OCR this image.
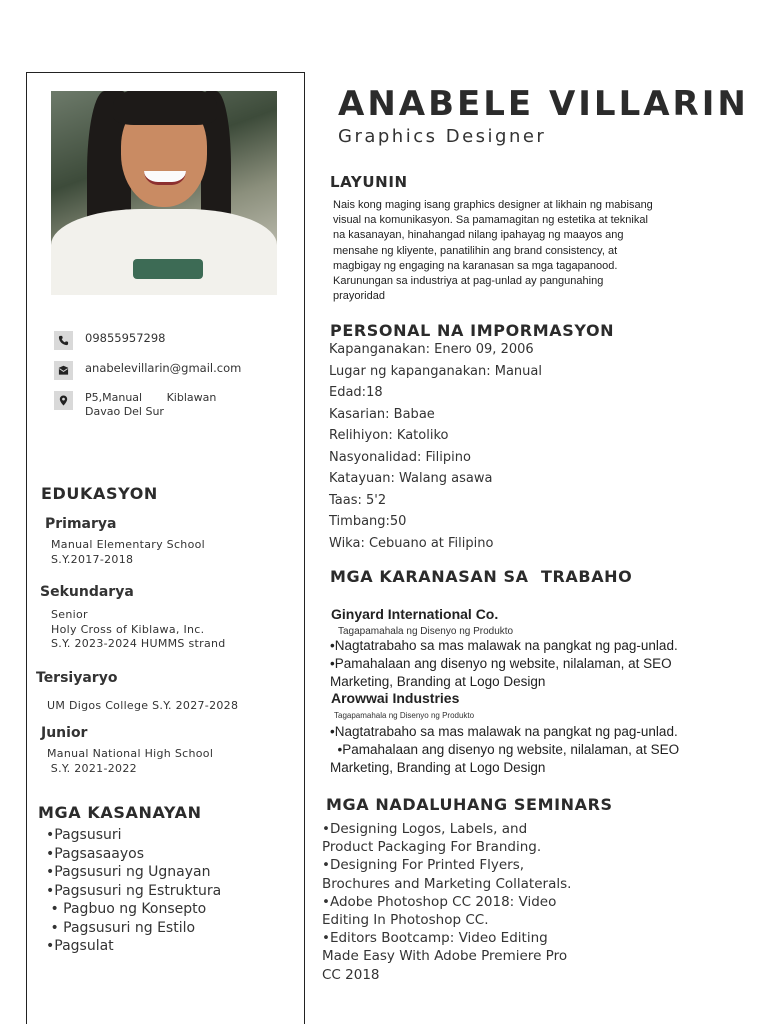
09855957298
anabelevillarin@gmail.com
P5,Manual       Kiblawan
Davao Del Sur
EDUKASYON
Primarya
Manual Elementary School
S.Y.2017-2018
Sekundarya
Senior
Holy Cross of Kiblawa, Inc.
S.Y. 2023-2024 HUMMS strand
Tersiyaryo
UM Digos College S.Y. 2027-2028
Junior
Manual National High School
S.Y. 2021-2022
MGA KASANAYAN
•Pagsusuri
•Pagsasaayos
•Pagsusuri ng Ugnayan
•Pagsusuri ng Estruktura
• Pagbuo ng Konsepto
• Pagsusuri ng Estilo
•Pagsulat
ANABELE VILLARIN
Graphics Designer
LAYUNIN
Nais kong maging isang graphics designer at likhain ng mabisang visual na komunikasyon. Sa pamamagitan ng estetika at teknikal na kasanayan, hinahangad nilang ipahayag ng maayos ang mensahe ng kliyente, panatilihin ang brand consistency, at magbigay ng engaging na karanasan sa mga tagapanood. Karunungan sa industriya at pag-unlad ay pangunahing prayoridad
PERSONAL NA IMPORMASYON
Kapanganakan: Enero 09, 2006
Lugar ng kapanganakan: Manual
Edad:18
Kasarian: Babae
Relihiyon: Katoliko
Nasyonalidad: Filipino
Katayuan: Walang asawa
Taas: 5'2
Timbang:50
Wika: Cebuano at Filipino
MGA KARANASAN SA  TRABAHO
Ginyard International Co.
Tagapamahala ng Disenyo ng Produkto
•Nagtatrabaho sa mas malawak na pangkat ng pag-unlad.
•Pamahalaan ang disenyo ng website, nilalaman, at SEO
Marketing, Branding at Logo Design
Arowwai Industries
Tagapamahala ng Disenyo ng Produkto
•Nagtatrabaho sa mas malawak na pangkat ng pag-unlad.
•Pamahalaan ang disenyo ng website, nilalaman, at SEO
Marketing, Branding at Logo Design
MGA NADALUHANG SEMINARS
•Designing Logos, Labels, and
Product Packaging For Branding.
•Designing For Printed Flyers,
Brochures and Marketing Collaterals.
•Adobe Photoshop CC 2018: Video
Editing In Photoshop CC.
•Editors Bootcamp: Video Editing
Made Easy With Adobe Premiere Pro
CC 2018
